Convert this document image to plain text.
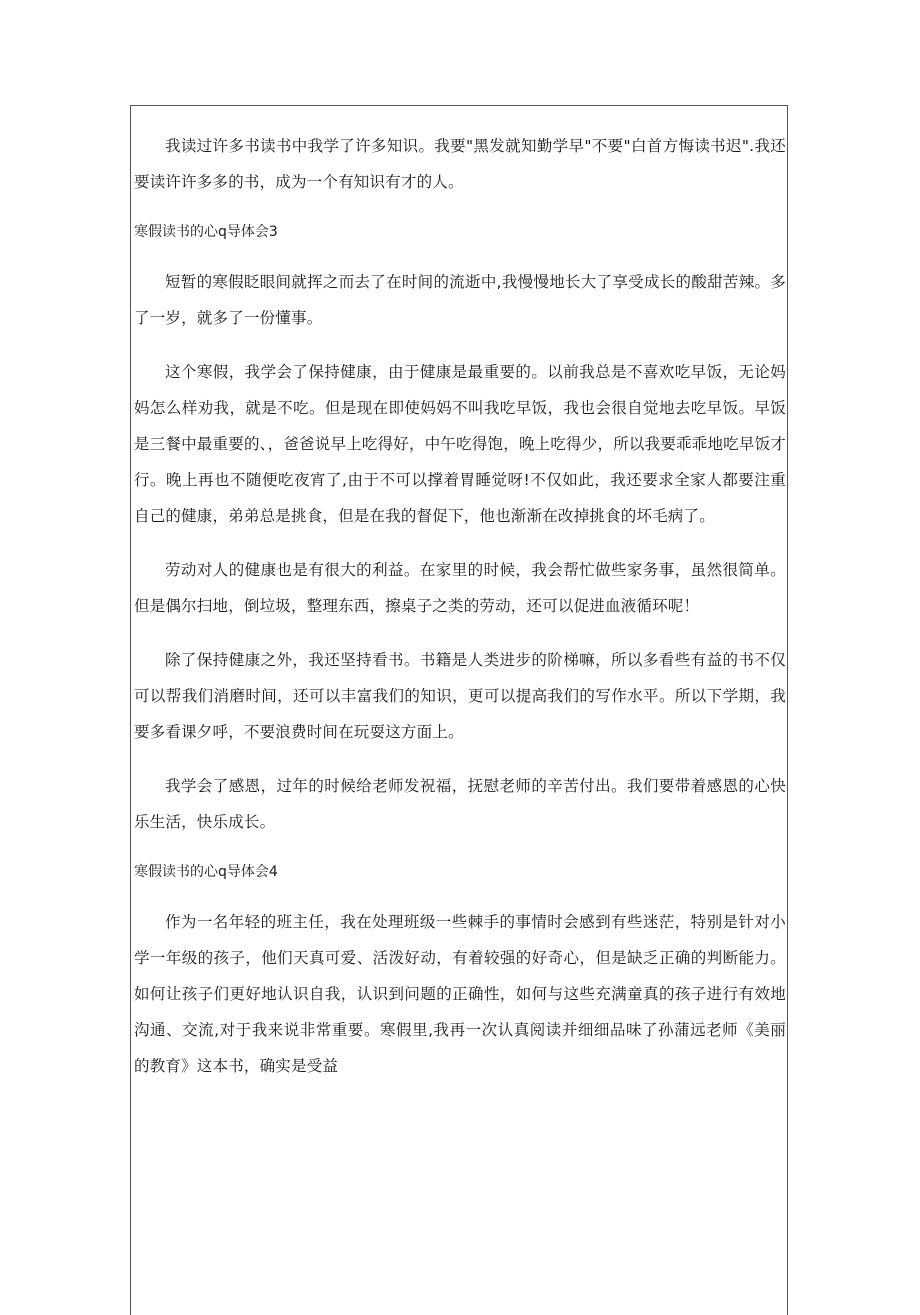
我读过许多书读书中我学了许多知识。我要"黑发就知勤学早"不要"白首方悔读书迟".我还要读许许多多的书，成为一个有知识有才的人。

寒假读书的心q导体会3

短暂的寒假眨眼间就挥之而去了在时间的流逝中,我慢慢地长大了享受成长的酸甜苦辣。多了一岁，就多了一份懂事。

这个寒假，我学会了保持健康，由于健康是最重要的。以前我总是不喜欢吃早饭，无论妈妈怎么样劝我，就是不吃。但是现在即使妈妈不叫我吃早饭，我也会很自觉地去吃早饭。早饭是三餐中最重要的、，爸爸说早上吃得好，中午吃得饱，晚上吃得少，所以我要乖乖地吃早饭才行。晚上再也不随便吃夜宵了,由于不可以撑着胃睡觉呀!不仅如此，我还要求全家人都要注重自己的健康，弟弟总是挑食，但是在我的督促下，他也渐渐在改掉挑食的坏毛病了。

劳动对人的健康也是有很大的利益。在家里的时候，我会帮忙做些家务事，虽然很简单。但是偶尔扫地，倒垃圾，整理东西，擦桌子之类的劳动，还可以促进血液循环呢！

除了保持健康之外，我还坚持看书。书籍是人类进步的阶梯嘛，所以多看些有益的书不仅可以帮我们消磨时间，还可以丰富我们的知识，更可以提高我们的写作水平。所以下学期，我要多看课夕呼，不要浪费时间在玩耍这方面上。

我学会了感恩，过年的时候给老师发祝福，抚慰老师的辛苦付出。我们要带着感恩的心快乐生活，快乐成长。

寒假读书的心q导体会4

作为一名年轻的班主任，我在处理班级一些棘手的事情时会感到有些迷茫，特别是针对小学一年级的孩子，他们天真可爱、活泼好动，有着较强的好奇心，但是缺乏正确的判断能力。如何让孩子们更好地认识自我，认识到问题的正确性，如何与这些充满童真的孩子进行有效地沟通、交流,对于我来说非常重要。寒假里,我再一次认真阅读并细细品味了孙蒲远老师《美丽的教育》这本书，确实是受益
